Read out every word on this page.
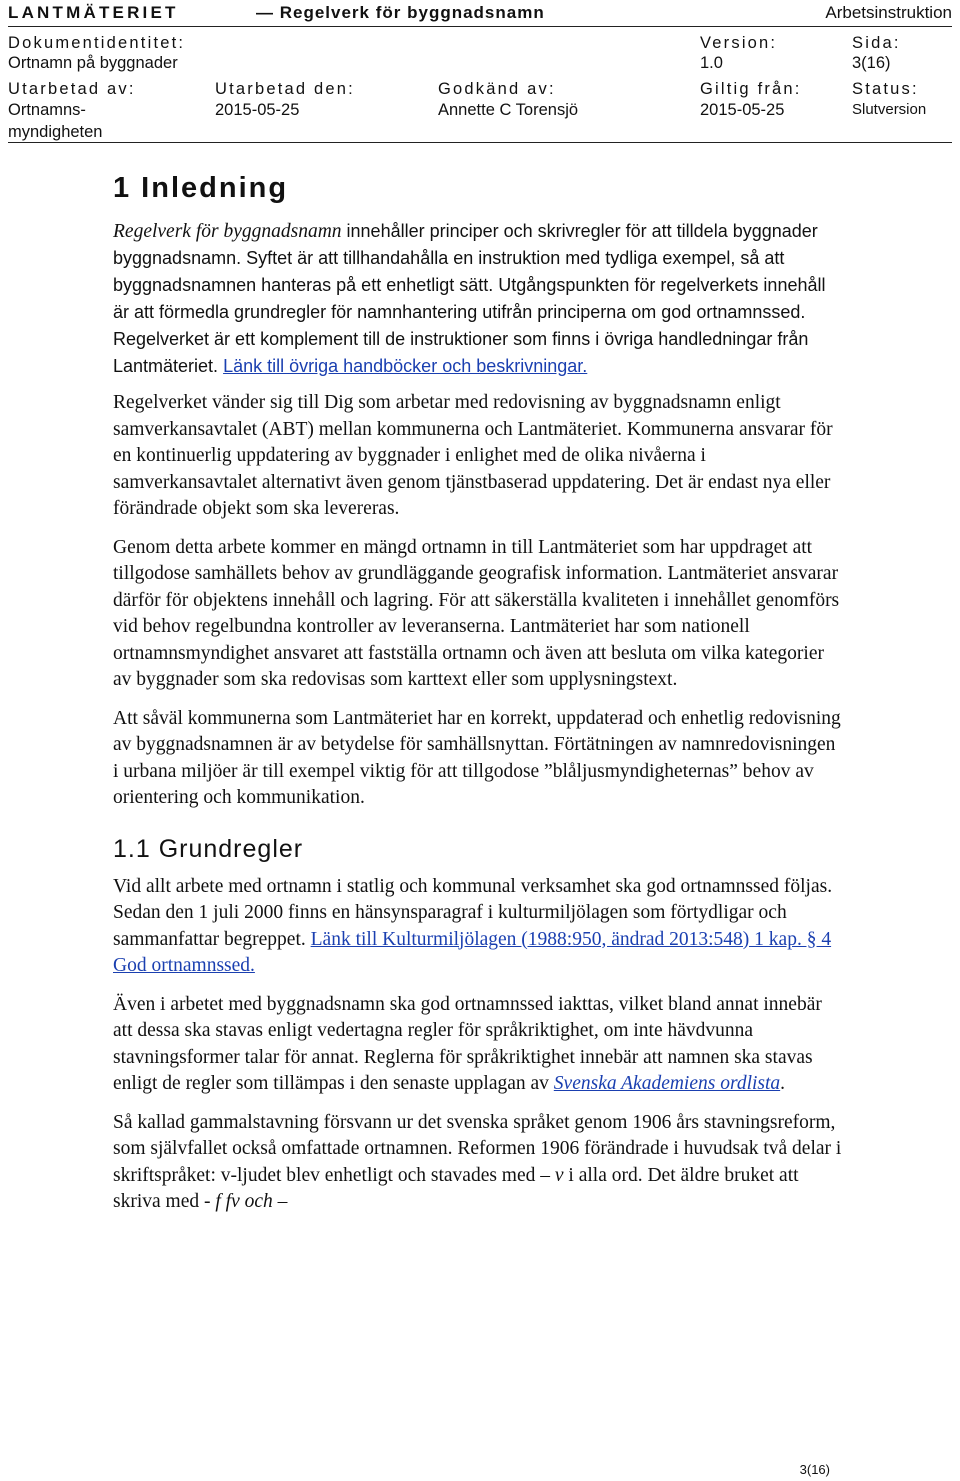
LANTMÄTERIET	— Regelverk för byggnadsnamn	Arbetsinstruktion
Dokumentidentitet:
Ortnamn på byggnader
Version:
1.0
Sida:
3(16)
Utarbetad av:
Ortnamns-
myndigheten
Utarbetad den:
2015-05-25
Godkänd av:
Annette C Torensjö
Giltig från:
2015-05-25
Status:
Slutversion
1 Inledning

Regelverk för byggnadsnamn innehåller principer och skrivregler för att tilldela byggnader byggnadsnamn. Syftet är att tillhandahålla en instruktion med tydliga exempel, så att byggnadsnamnen hanteras på ett enhetligt sätt. Utgångspunkten för regelverkets innehåll är att förmedla grundregler för namnhantering utifrån principerna om god ortnamnssed. Regelverket är ett komplement till de instruktioner som finns i övriga handledningar från Lantmäteriet. Länk till övriga handböcker och beskrivningar.

Regelverket vänder sig till Dig som arbetar med redovisning av byggnadsnamn enligt samverkansavtalet (ABT) mellan kommunerna och Lantmäteriet. Kommunerna ansvarar för en kontinuerlig uppdatering av byggnader i enlighet med de olika nivåerna i samverkansavtalet alternativt även genom tjänstbaserad uppdatering. Det är endast nya eller förändrade objekt som ska levereras.

Genom detta arbete kommer en mängd ortnamn in till Lantmäteriet som har uppdraget att tillgodose samhällets behov av grundläggande geografisk information. Lantmäteriet ansvarar därför för objektens innehåll och lagring. För att säkerställa kvaliteten i innehållet genomförs vid behov regelbundna kontroller av leveranserna. Lantmäteriet har som nationell ortnamnsmyndighet ansvaret att fastställa ortnamn och även att besluta om vilka kategorier av byggnader som ska redovisas som karttext eller som upplysningstext.

Att såväl kommunerna som Lantmäteriet har en korrekt, uppdaterad och enhetlig redovisning av byggnadsnamnen är av betydelse för samhällsnyttan. Förtätningen av namnredovisningen i urbana miljöer är till exempel viktig för att tillgodose ”blåljusmyndigheternas” behov av orientering och kommunikation.

1.1 Grundregler

Vid allt arbete med ortnamn i statlig och kommunal verksamhet ska god ortnamnssed följas. Sedan den 1 juli 2000 finns en hänsynsparagraf i kulturmiljölagen som förtydligar och sammanfattar begreppet. Länk till Kulturmiljölagen (1988:950, ändrad 2013:548) 1 kap. § 4 God ortnamnssed.

Även i arbetet med byggnadsnamn ska god ortnamnssed iakttas, vilket bland annat innebär att dessa ska stavas enligt vedertagna regler för språkriktighet, om inte hävdvunna stavningsformer talar för annat. Reglerna för språkriktighet innebär att namnen ska stavas enligt de regler som tillämpas i den senaste upplagan av Svenska Akademiens ordlista.

Så kallad gammalstavning försvann ur det svenska språket genom 1906 års stavningsreform, som självfallet också omfattade ortnamnen. Reformen 1906 förändrade i huvudsak två delar i skriftspråket: v-ljudet blev enhetligt och stavades med – v i alla ord. Det äldre bruket att skriva med - f fv och –

3(16)
